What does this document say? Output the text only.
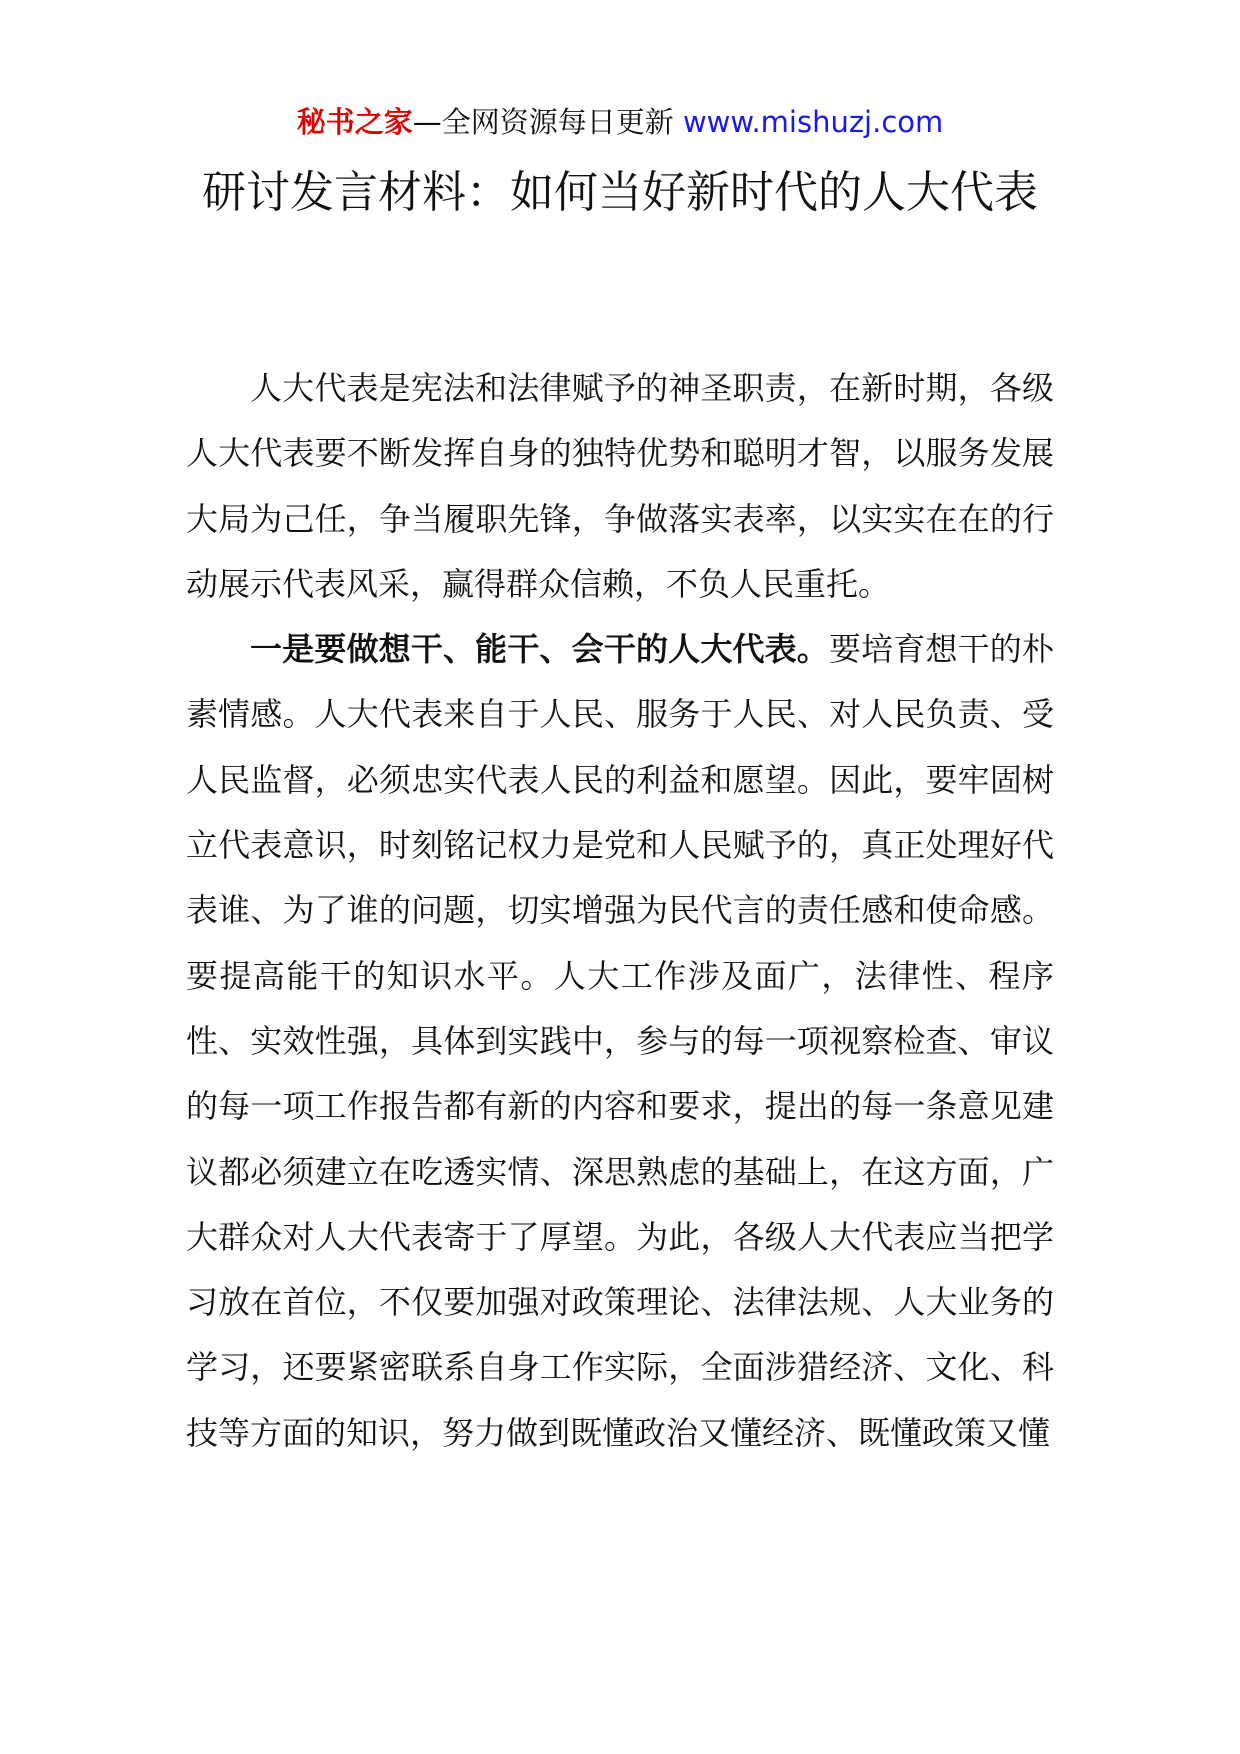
秘书之家—全网资源每日更新 www.mishuzj.com
研讨发言材料：如何当好新时代的人大代表

人大代表是宪法和法律赋予的神圣职责，在新时期，各级人大代表要不断发挥自身的独特优势和聪明才智，以服务发展大局为己任，争当履职先锋，争做落实表率，以实实在在的行动展示代表风采，赢得群众信赖，不负人民重托。

一是要做想干、能干、会干的人大代表。要培育想干的朴素情感。人大代表来自于人民、服务于人民、对人民负责、受人民监督，必须忠实代表人民的利益和愿望。因此，要牢固树立代表意识，时刻铭记权力是党和人民赋予的，真正处理好代表谁、为了谁的问题，切实增强为民代言的责任感和使命感。要提高能干的知识水平。人大工作涉及面广，法律性、程序性、实效性强，具体到实践中，参与的每一项视察检查、审议的每一项工作报告都有新的内容和要求，提出的每一条意见建议都必须建立在吃透实情、深思熟虑的基础上，在这方面，广大群众对人大代表寄于了厚望。为此，各级人大代表应当把学习放在首位，不仅要加强对政策理论、法律法规、人大业务的学习，还要紧密联系自身工作实际，全面涉猎经济、文化、科技等方面的知识，努力做到既懂政治又懂经济、既懂政策又懂
